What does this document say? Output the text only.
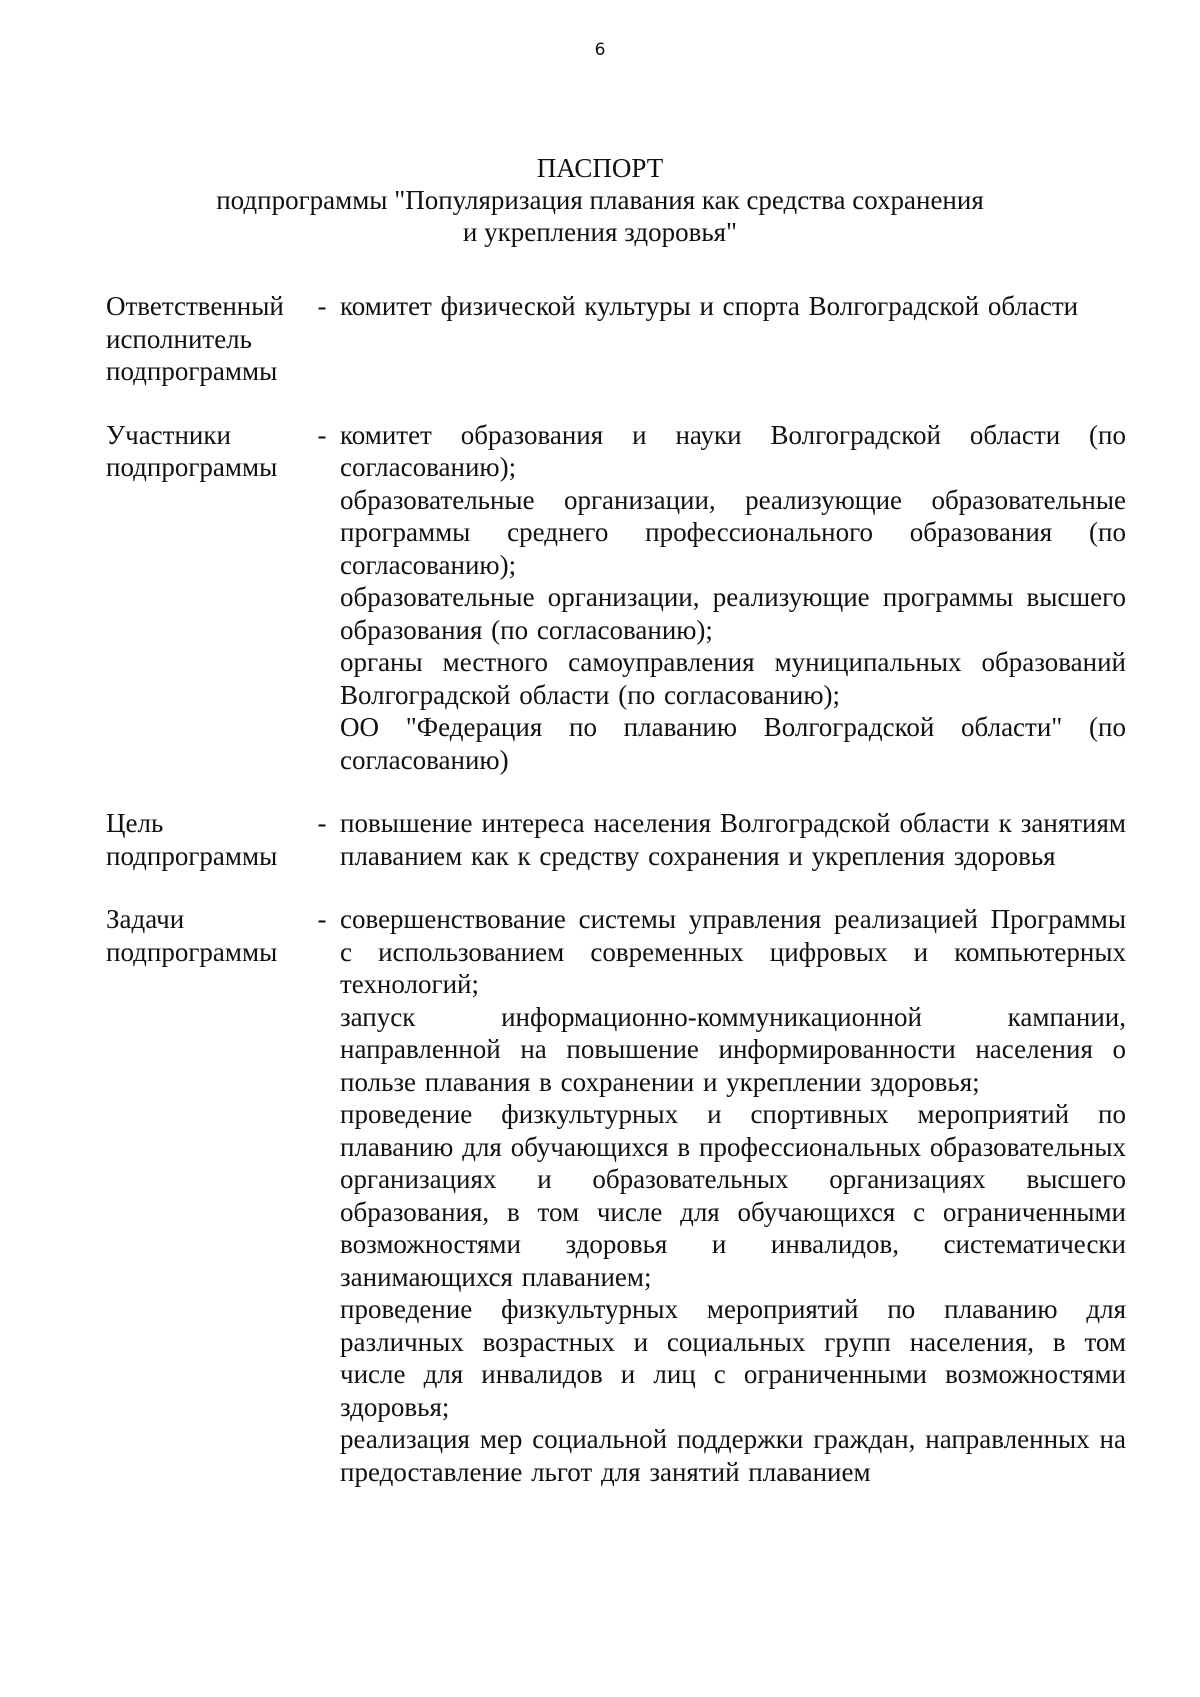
6
ПАСПОРТ
подпрограммы "Популяризация плавания как средства сохранения
и укрепления здоровья"
Ответственный
исполнитель
подпрограммы
- комитет физической культуры и спорта Волгоградской области

Участники
подпрограммы
- комитет образования и науки Волгоградской области (по согласованию);

образовательные организации, реализующие образовательные программы среднего профессионального образования (по согласованию);

образовательные организации, реализующие программы высшего образования (по согласованию);

органы местного самоуправления муниципальных образований Волгоградской области (по согласованию);

ОО "Федерация по плаванию Волгоградской области" (по согласованию)

Цель
подпрограммы
- повышение интереса населения Волгоградской области к занятиям плаванием как к средству сохранения и укрепления здоровья

Задачи
подпрограммы
- совершенствование системы управления реализацией Программы с использованием современных цифровых и компьютерных технологий;

запуск информационно-коммуникационной кампании, направленной на повышение информированности населения о пользе плавания в сохранении и укреплении здоровья;

проведение физкультурных и спортивных мероприятий по плаванию для обучающихся в профессиональных образовательных организациях и образовательных организациях высшего образования, в том числе для обучающихся с ограниченными возможностями здоровья и инвалидов, систематически занимающихся плаванием;

проведение физкультурных мероприятий по плаванию для различных возрастных и социальных групп населения, в том числе для инвалидов и лиц с ограниченными возможностями здоровья;

реализация мер социальной поддержки граждан, направленных на предоставление льгот для занятий плаванием
